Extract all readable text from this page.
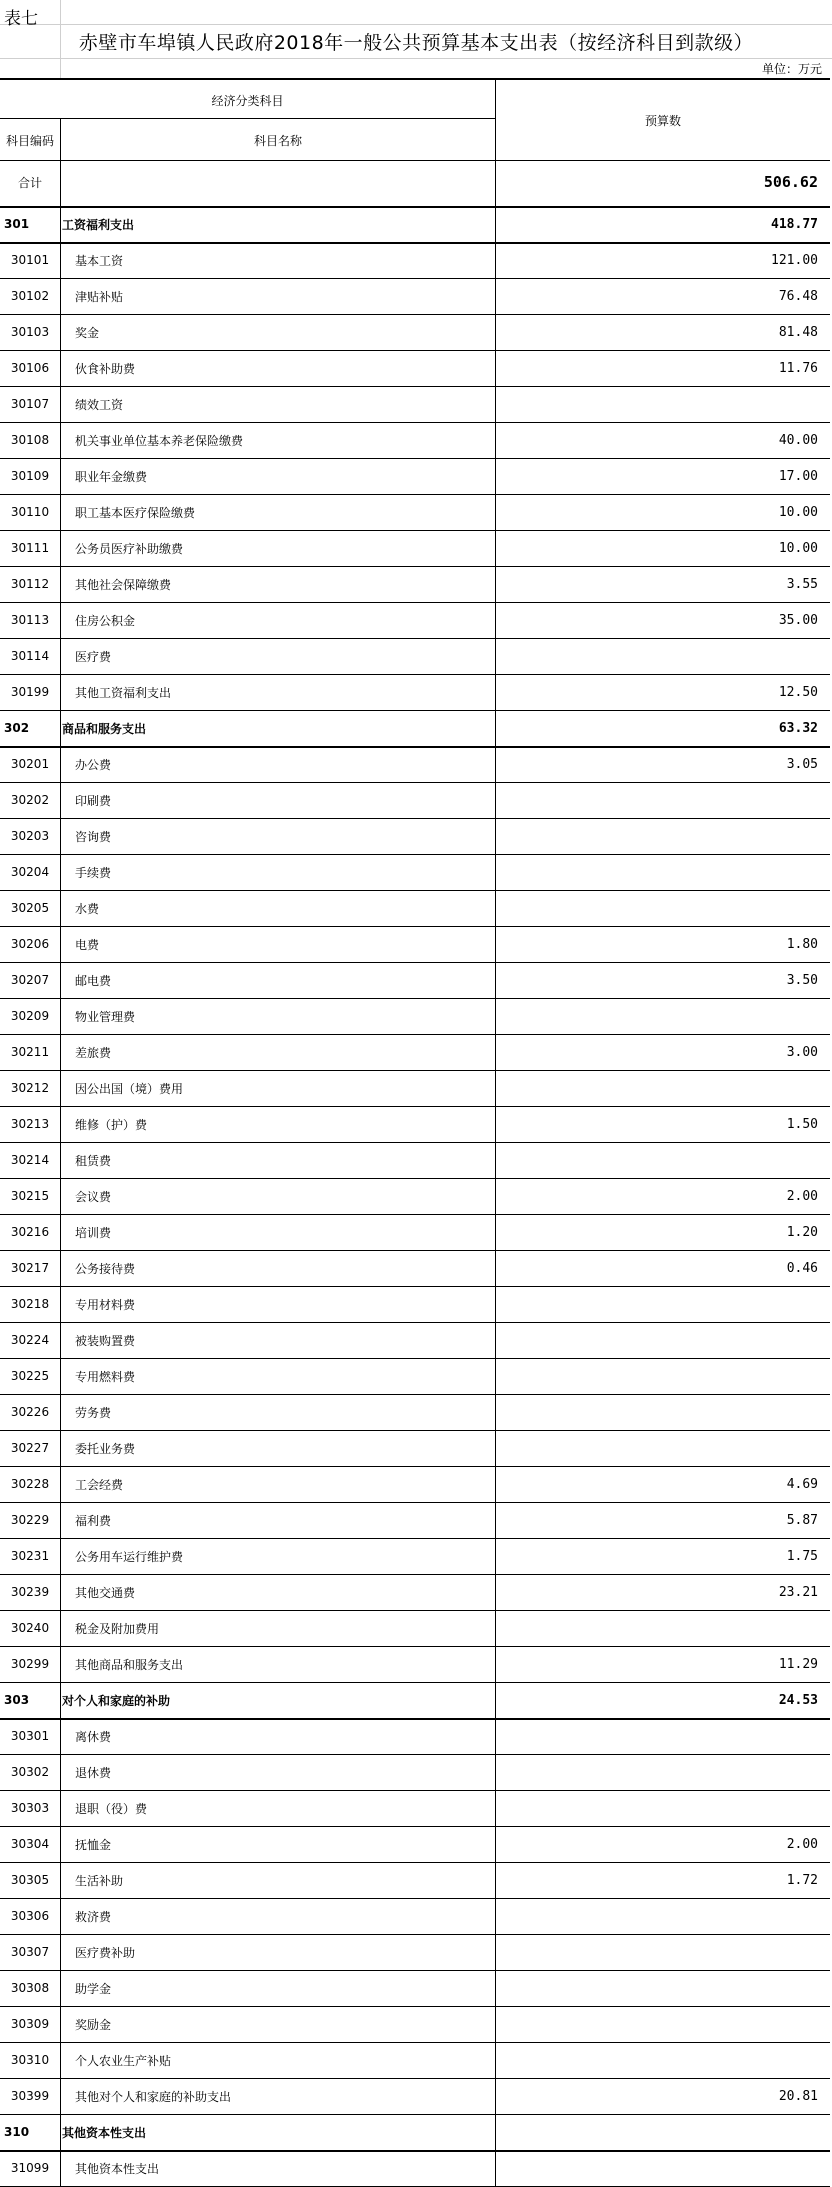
表七
赤壁市车埠镇人民政府2018年一般公共预算基本支出表（按经济科目到款级）
单位：万元
经济分类科目
科目编码	科目名称
预算数
合计	506.62
301	工资福利支出	418.77
30101	基本工资	121.00
30102	津贴补贴	76.48
30103	奖金	81.48
30106	伙食补助费	11.76
30107	绩效工资
30108	机关事业单位基本养老保险缴费	40.00
30109	职业年金缴费	17.00
30110	职工基本医疗保险缴费	10.00
30111	公务员医疗补助缴费	10.00
30112	其他社会保障缴费	3.55
30113	住房公积金	35.00
30114	医疗费
30199	其他工资福利支出	12.50
302	商品和服务支出	63.32
30201	办公费	3.05
30202	印刷费
30203	咨询费
30204	手续费
30205	水费
30206	电费	1.80
30207	邮电费	3.50
30209	物业管理费
30211	差旅费	3.00
30212	因公出国（境）费用
30213	维修（护）费	1.50
30214	租赁费
30215	会议费	2.00
30216	培训费	1.20
30217	公务接待费	0.46
30218	专用材料费
30224	被装购置费
30225	专用燃料费
30226	劳务费
30227	委托业务费
30228	工会经费	4.69
30229	福利费	5.87
30231	公务用车运行维护费	1.75
30239	其他交通费	23.21
30240	税金及附加费用
30299	其他商品和服务支出	11.29
303	对个人和家庭的补助	24.53
30301	离休费
30302	退休费
30303	退职（役）费
30304	抚恤金	2.00
30305	生活补助	1.72
30306	救济费
30307	医疗费补助
30308	助学金
30309	奖励金
30310	个人农业生产补贴
30399	其他对个人和家庭的补助支出	20.81
310	其他资本性支出
31099	其他资本性支出
